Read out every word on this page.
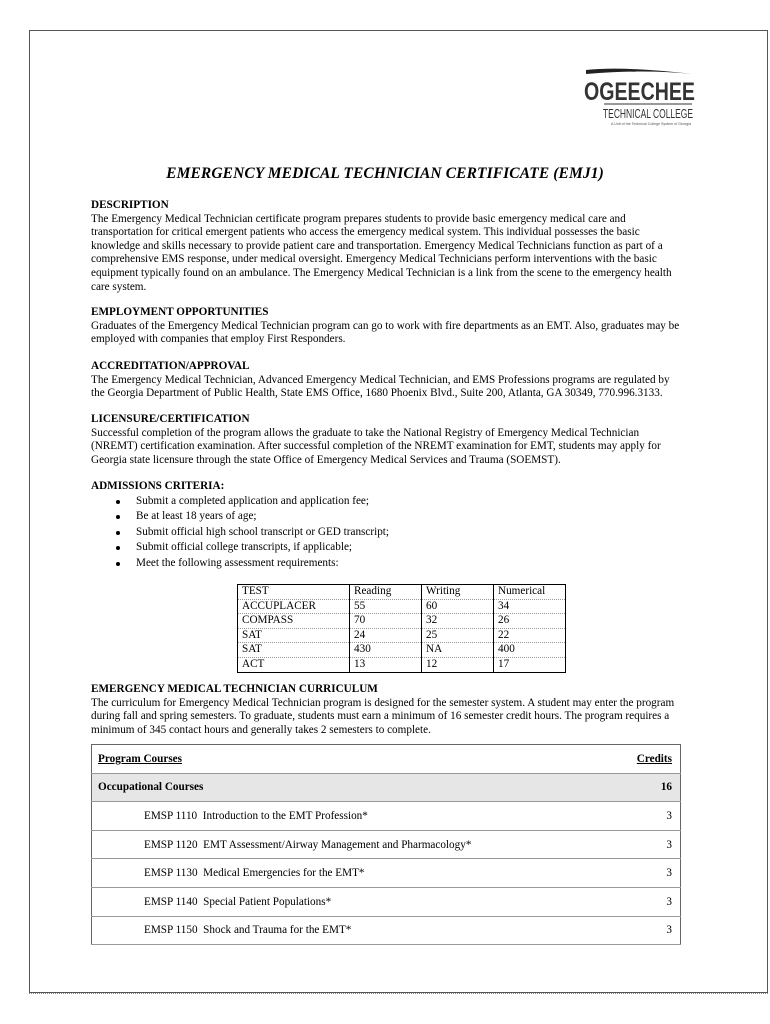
OGEECHEE
TECHNICAL COLLEGE
A Unit of the Technical College System of Georgia
EMERGENCY MEDICAL TECHNICIAN CERTIFICATE (EMJ1)
DESCRIPTION

The Emergency Medical Technician certificate program prepares students to provide basic emergency medical care and transportation for critical emergent patients who access the emergency medical system. This individual possesses the basic knowledge and skills necessary to provide patient care and transportation. Emergency Medical Technicians function as part of a comprehensive EMS response, under medical oversight. Emergency Medical Technicians perform interventions with the basic equipment typically found on an ambulance. The Emergency Medical Technician is a link from the scene to the emergency health care system.

EMPLOYMENT OPPORTUNITIES

Graduates of the Emergency Medical Technician program can go to work with fire departments as an EMT. Also, graduates may be employed with companies that employ First Responders.

ACCREDITATION/APPROVAL

The Emergency Medical Technician, Advanced Emergency Medical Technician, and EMS Professions programs are regulated by the Georgia Department of Public Health, State EMS Office, 1680 Phoenix Blvd., Suite 200, Atlanta, GA 30349, 770.996.3133.

LICENSURE/CERTIFICATION

Successful completion of the program allows the graduate to take the National Registry of Emergency Medical Technician (NREMT) certification examination. After successful completion of the NREMT examination for EMT, students may apply for Georgia state licensure through the state Office of Emergency Medical Services and Trauma (SOEMST).

ADMISSIONS CRITERIA:
Submit a completed application and application fee;
Be at least 18 years of age;
Submit official high school transcript or GED transcript;
Submit official college transcripts, if applicable;
Meet the following assessment requirements:
TEST	Reading	Writing	Numerical
ACCUPLACER	55	60	34
COMPASS	70	32	26
SAT	24	25	22
SAT	430	NA	400
ACT	13	12	17
EMERGENCY MEDICAL TECHNICIAN CURRICULUM

The curriculum for Emergency Medical Technician program is designed for the semester system. A student may enter the program during fall and spring semesters. To graduate, students must earn a minimum of 16 semester credit hours. The program requires a minimum of 345 contact hours and generally takes 2 semesters to complete.

Program Courses	Credits
Occupational Courses	16
EMSP 1110 Introduction to the EMT Profession*	3
EMSP 1120 EMT Assessment/Airway Management and Pharmacology*	3
EMSP 1130 Medical Emergencies for the EMT*	3
EMSP 1140 Special Patient Populations*	3
EMSP 1150 Shock and Trauma for the EMT*	3
